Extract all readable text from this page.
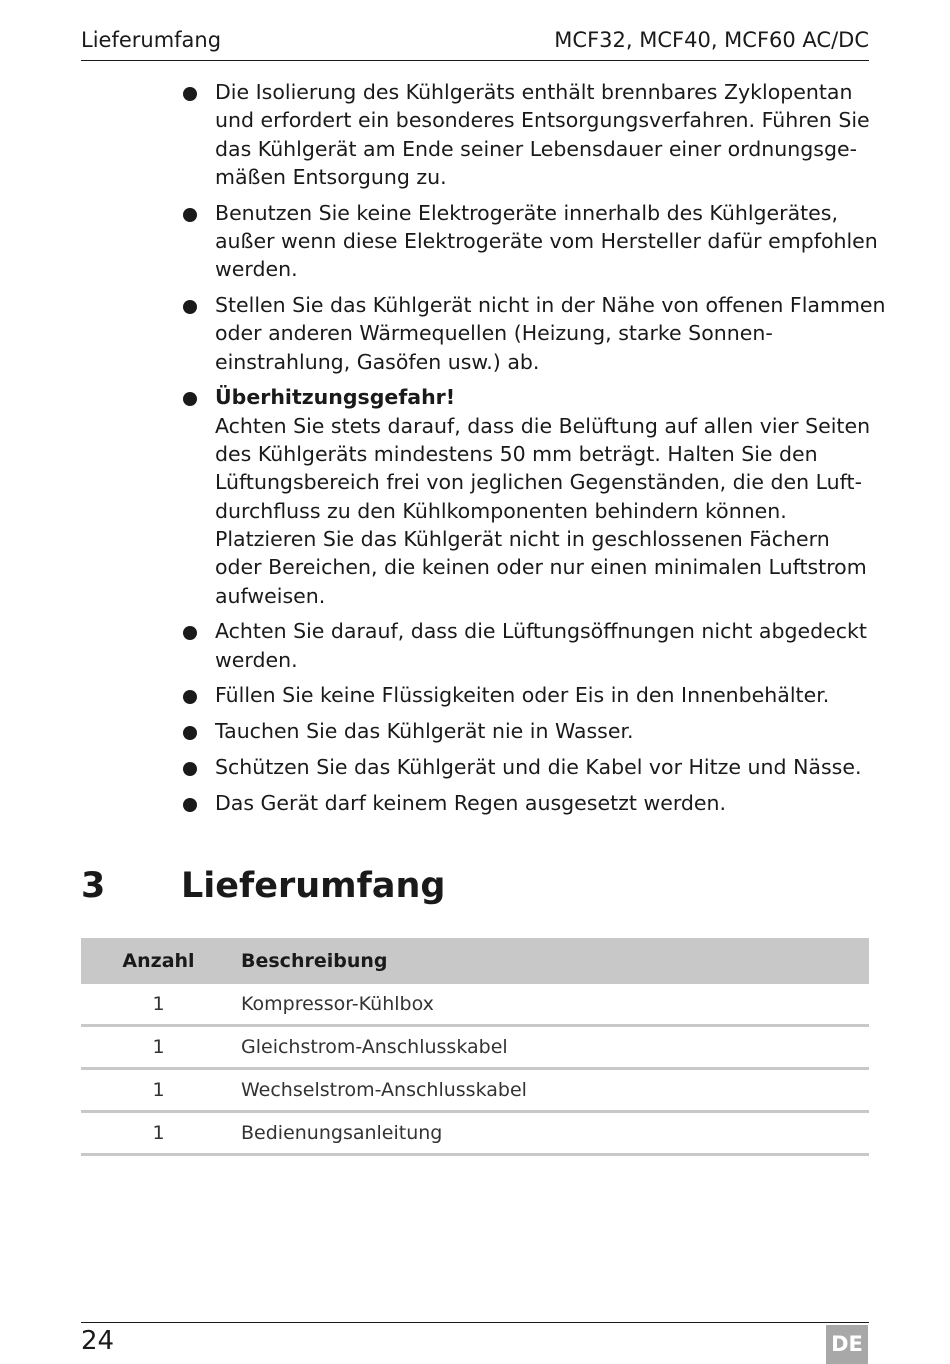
Lieferumfang	MCF32, MCF40, MCF60 AC/DC
Die Isolierung des Kühlgeräts enthält brennbares Zyklopentan
und erfordert ein besonderes Entsorgungsverfahren. Führen Sie
das Kühlgerät am Ende seiner Lebensdauer einer ordnungsge-
mäßen Entsorgung zu.
Benutzen Sie keine Elektrogeräte innerhalb des Kühlgerätes,
außer wenn diese Elektrogeräte vom Hersteller dafür empfohlen
werden.
Stellen Sie das Kühlgerät nicht in der Nähe von offenen Flammen
oder anderen Wärmequellen (Heizung, starke Sonnen-
einstrahlung, Gasöfen usw.) ab.
Überhitzungsgefahr!
Achten Sie stets darauf, dass die Belüftung auf allen vier Seiten
des Kühlgeräts mindestens 50 mm beträgt. Halten Sie den
Lüftungsbereich frei von jeglichen Gegenständen, die den Luft-
durchfluss zu den Kühlkomponenten behindern können.
Platzieren Sie das Kühlgerät nicht in geschlossenen Fächern
oder Bereichen, die keinen oder nur einen minimalen Luftstrom
aufweisen.
Achten Sie darauf, dass die Lüftungsöffnungen nicht abgedeckt
werden.
Füllen Sie keine Flüssigkeiten oder Eis in den Innenbehälter.
Tauchen Sie das Kühlgerät nie in Wasser.
Schützen Sie das Kühlgerät und die Kabel vor Hitze und Nässe.
Das Gerät darf keinem Regen ausgesetzt werden.
3 Lieferumfang
Anzahl	Beschreibung
1	Kompressor-Kühlbox
1	Gleichstrom-Anschlusskabel
1	Wechselstrom-Anschlusskabel
1	Bedienungsanleitung
24	DE
